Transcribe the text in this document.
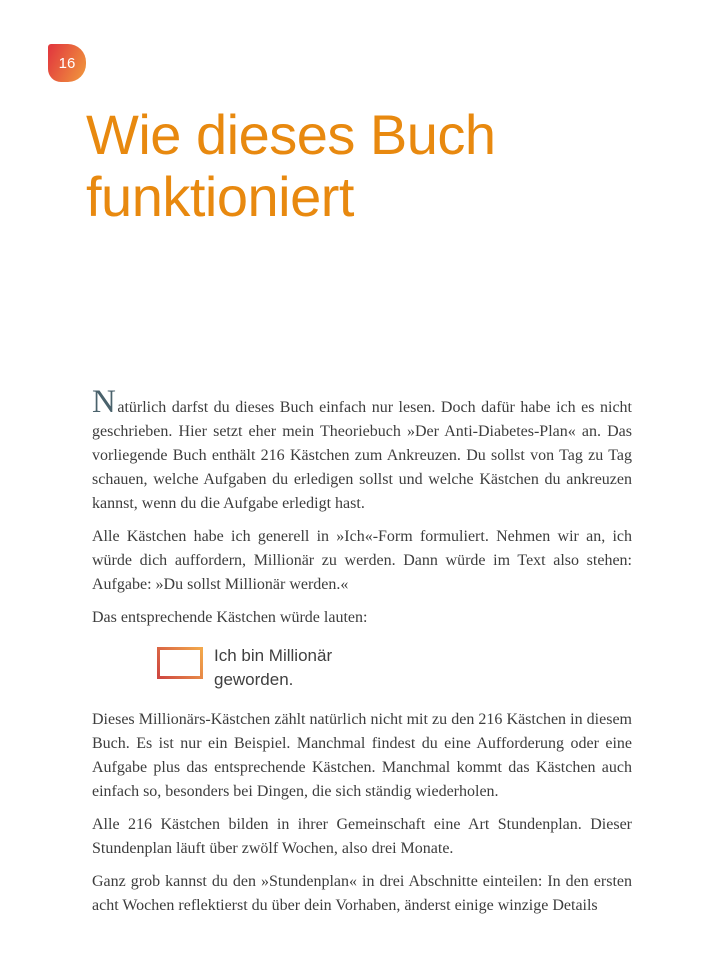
16
Wie dieses Buch
funktioniert

Natürlich darfst du dieses Buch einfach nur lesen. Doch dafür habe ich es nicht geschrieben. Hier setzt eher mein Theoriebuch »Der Anti-Diabetes-Plan« an. Das vorliegende Buch enthält 216 Kästchen zum Ankreuzen. Du sollst von Tag zu Tag schauen, welche Aufgaben du erledigen sollst und welche Kästchen du ankreuzen kannst, wenn du die Aufgabe erledigt hast.

Alle Kästchen habe ich generell in »Ich«-Form formuliert. Nehmen wir an, ich würde dich auffordern, Millionär zu werden. Dann würde im Text also stehen: Aufgabe: »Du sollst Millionär werden.«

Das entsprechende Kästchen würde lauten:

Ich bin Millionär
geworden.

Dieses Millionärs-Kästchen zählt natürlich nicht mit zu den 216 Kästchen in diesem Buch. Es ist nur ein Beispiel. Manchmal findest du eine Aufforderung oder eine Aufgabe plus das entsprechende Kästchen. Manchmal kommt das Kästchen auch einfach so, besonders bei Dingen, die sich ständig wiederholen.

Alle 216 Kästchen bilden in ihrer Gemeinschaft eine Art Stundenplan. Dieser Stundenplan läuft über zwölf Wochen, also drei Monate.

Ganz grob kannst du den »Stundenplan« in drei Abschnitte einteilen: In den ersten acht Wochen reflektierst du über dein Vorhaben, änderst einige winzige Details
